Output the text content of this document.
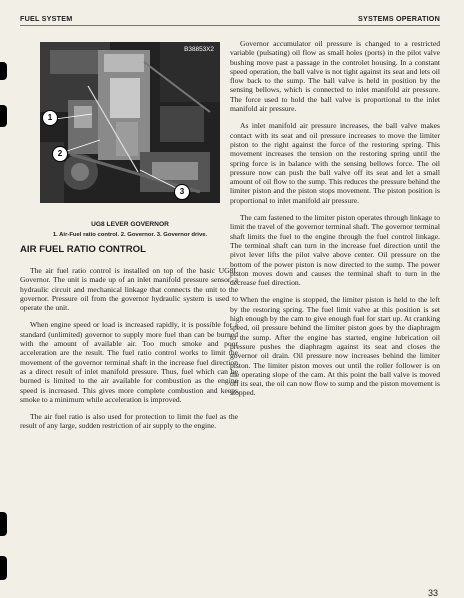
FUEL SYSTEM	SYSTEMS OPERATION
B38853X2
1
2
3
UG8 LEVER GOVERNOR
1. Air-Fuel ratio control. 2. Governor. 3. Governor drive.
AIR FUEL RATIO CONTROL

The air fuel ratio control is installed on top of the basic UG8L Governor. The unit is made up of an inlet manifold pressure sensor, a hydraulic circuit and mechanical linkage that connects the unit to the governor. Pressure oil from the governor hydraulic system is used to operate the unit.

When engine speed or load is increased rapidly, it is possible for a standard (unlimited) governor to supply more fuel than can be burned with the amount of available air. Too much smoke and poor acceleration are the result. The fuel ratio control works to limit the movement of the governor terminal shaft in the increase fuel direction as a direct result of inlet manifold pressure. Thus, fuel which can be burned is limited to the air available for combustion as the engine speed is increased. This gives more complete combustion and keeps smoke to a minimum while acceleration is improved.

The air fuel ratio is also used for protection to limit the fuel as the result of any large, sudden restriction of air supply to the engine.

Governor accumulator oil pressure is changed to a restricted variable (pulsating) oil flow as small holes (ports) in the pilot valve bushing move past a passage in the controlet housing. In a constant speed operation, the ball valve is not tight against its seat and lets oil flow back to the sump. The ball valve is held in position by the sensing bellows, which is connected to inlet manifold air pressure. The force used to hold the ball valve is proportional to the inlet manifold air pressure.

As inlet manifold air pressure increases, the ball valve makes contact with its seat and oil pressure increases to move the limiter piston to the right against the force of the restoring spring. This movement increases the tension on the restoring spring until the spring force is in balance with the sensing bellows force. The oil pressure now can push the ball valve off its seat and let a small amount of oil flow to the sump. This reduces the pressure behind the limiter piston and the piston stops movement. The piston position is proportional to inlet manifold air pressure.

The cam fastened to the limiter piston operates through linkage to limit the travel of the governor terminal shaft. The governor terminal shaft limits the fuel to the engine through the fuel control linkage. The terminal shaft can turn in the increase fuel direction until the pivot lever lifts the pilot valve above center. Oil pressure on the bottom of the power piston is now directed to the sump. The power piston moves down and causes the terminal shaft to turn in the decrease fuel direction.

When the engine is stopped, the limiter piston is held to the left by the restoring spring. The fuel limit valve at this position is set high enough by the cam to give enough fuel for start up. At cranking speed, oil pressure behind the limiter piston goes by the diaphragm to the sump. After the engine has started, engine lubrication oil pressure pushes the diaphragm against its seat and closes the governor oil drain. Oil pressure now increases behind the limiter piston. The limiter piston moves out until the roller follower is on the operating slope of the cam. At this point the ball valve is moved off its seat, the oil can now flow to sump and the piston movement is stopped.

33
